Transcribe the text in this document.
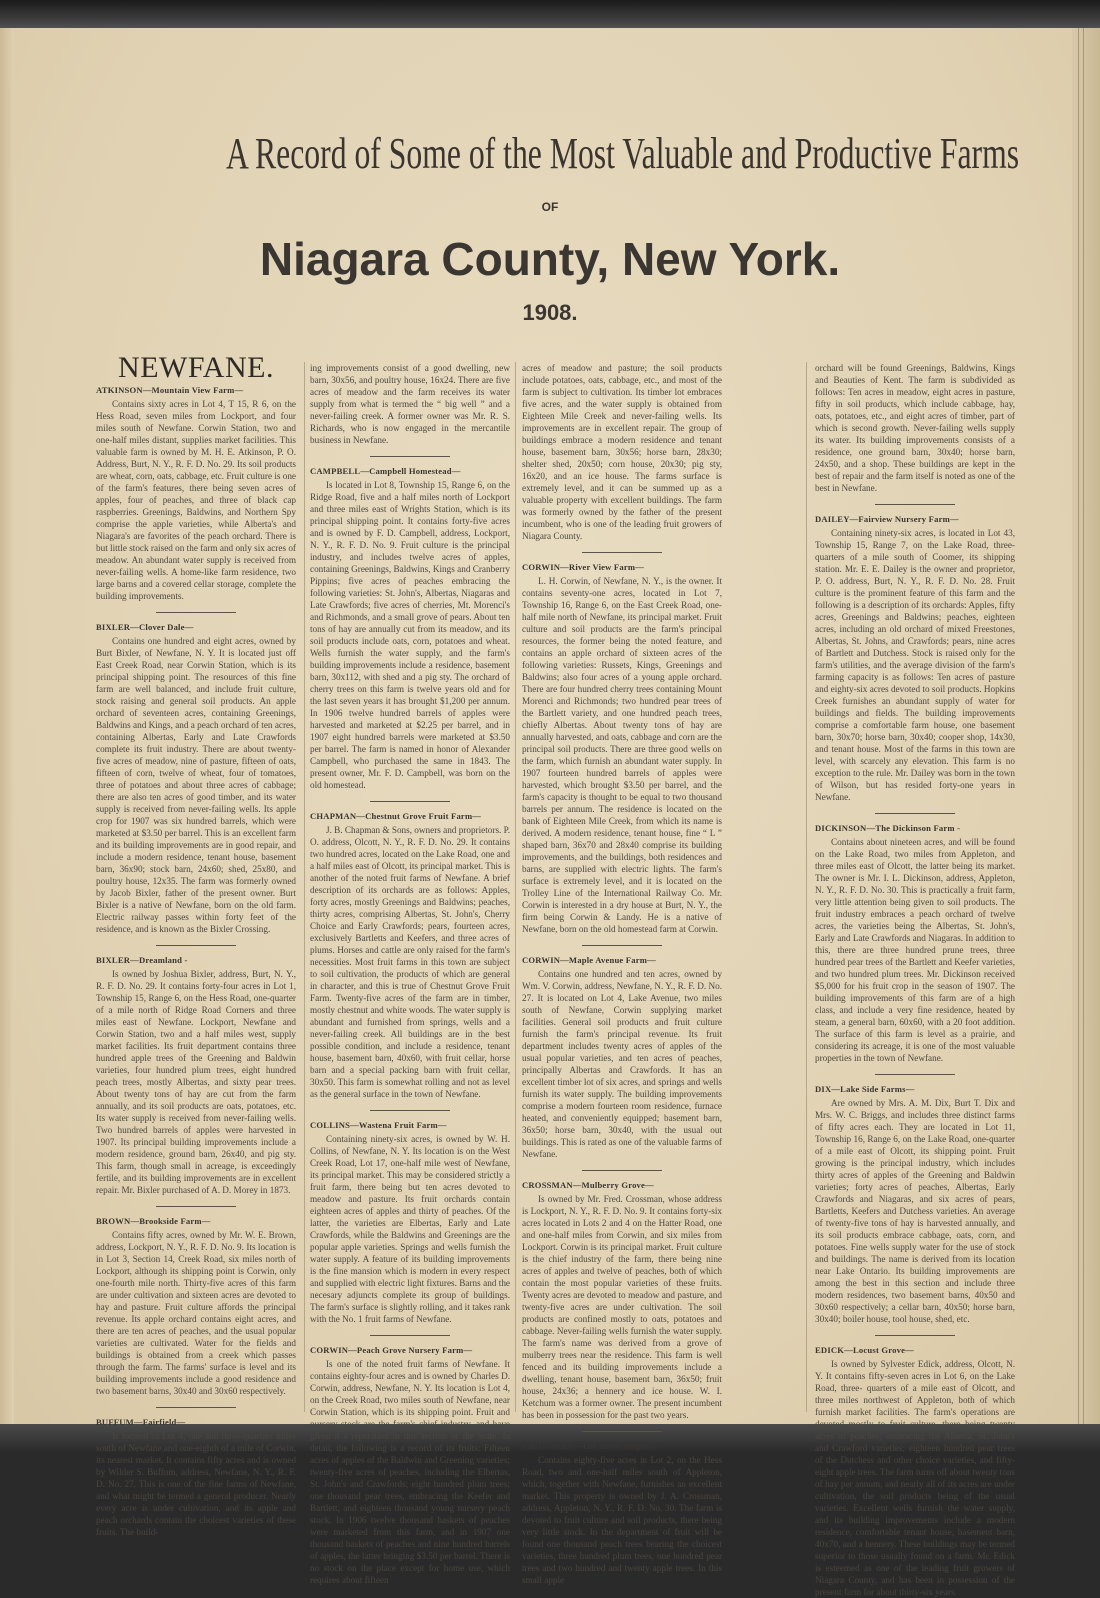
A Record of Some of the Most Valuable and Productive Farms
OF
Niagara County, New York.
1908.
NEWFANE.
ATKINSON—Mountain View Farm—

Contains sixty acres in Lot 4, T 15, R 6, on the Hess Road, seven miles from Lockport, and four miles south of Newfane. Corwin Station, two and one-half miles distant, supplies market facilities. This valuable farm is owned by M. H. E. Atkinson, P. O. Address, Burt, N. Y., R. F. D. No. 29. Its soil products are wheat, corn, oats, cabbage, etc. Fruit culture is one of the farm's features, there being seven acres of apples, four of peaches, and three of black cap raspberries. Greenings, Baldwins, and Northern Spy comprise the apple varieties, while Alberta's and Niagara's are favorites of the peach orchard. There is but little stock raised on the farm and only six acres of meadow. An abundant water supply is received from never-failing wells. A home-like farm residence, two large barns and a covered cellar storage, complete the building improvements.

BIXLER—Clover Dale—

Contains one hundred and eight acres, owned by Burt Bixler, of Newfane, N. Y. It is located just off East Creek Road, near Corwin Station, which is its principal shipping point. The resources of this fine farm are well balanced, and include fruit culture, stock raising and general soil products. An apple orchard of seventeen acres, containing Greenings, Baldwins and Kings, and a peach orchard of ten acres, containing Albertas, Early and Late Crawfords complete its fruit industry. There are about twenty-five acres of meadow, nine of pasture, fifteen of oats, fifteen of corn, twelve of wheat, four of tomatoes, three of potatoes and about three acres of cabbage; there are also ten acres of good timber, and its water supply is received from never-failing wells. Its apple crop for 1907 was six hundred barrels, which were marketed at $3.50 per barrel. This is an excellent farm and its building improvements are in good repair, and include a modern residence, tenant house, basement barn, 36x90; stock barn, 24x60; shed, 25x80, and poultry house, 12x35. The farm was formerly owned by Jacob Bixler, father of the present owner. Burt Bixler is a native of Newfane, born on the old farm. Electric railway passes within forty feet of the residence, and is known as the Bixler Crossing.

BIXLER—Dreamland -

Is owned by Joshua Bixler, address, Burt, N. Y., R. F. D. No. 29. It contains forty-four acres in Lot 1, Township 15, Range 6, on the Hess Road, one-quarter of a mile north of Ridge Road Corners and three miles east of Newfane. Lockport, Newfane and Corwin Station, two and a half miles west, supply market facilities. Its fruit department contains three hundred apple trees of the Greening and Baldwin varieties, four hundred plum trees, eight hundred peach trees, mostly Albertas, and sixty pear trees. About twenty tons of hay are cut from the farm annually, and its soil products are oats, potatoes, etc. Its water supply is received from never-failing wells. Two hundred barrels of apples were harvested in 1907. Its principal building improvements include a modern residence, ground barn, 26x40, and pig sty. This farm, though small in acreage, is exceedingly fertile, and its building improvements are in excellent repair. Mr. Bixler purchased of A. D. Morey in 1873.

BROWN—Brookside Farm—

Contains fifty acres, owned by Mr. W. E. Brown, address, Lockport, N. Y., R. F. D. No. 9. Its location is in Lot 3, Section 14, Creek Road, six miles north of Lockport, although its shipping point is Corwin, only one-fourth mile north. Thirty-five acres of this farm are under cultivation and sixteen acres are devoted to hay and pasture. Fruit culture affords the principal revenue. Its apple orchard contains eight acres, and there are ten acres of peaches, and the usual popular varieties are cultivated. Water for the fields and buildings is obtained from a creek which passes through the farm. The farms' surface is level and its building improvements include a good residence and two basement barns, 30x40 and 30x60 respectively.

BUFFUM—Fairfield—

Is located in Lot 4, one and three-quarters miles south of Newfane and one-eighth of a mile of Corwin, its nearest market. It contains fifty acres and is owned by Wilder S. Buffum, address, Newfane, N. Y., R. F. D. No. 27. This is one of the fine farms of Newfane, and what might be termed a general producer. Nearly every acre is under cultivation, and its apple and peach orchards contain the choicest varieties of these fruits. The build-

ing improvements consist of a good dwelling, new barn, 30x56, and poultry house, 16x24. There are five acres of meadow and the farm receives its water supply from what is termed the “ big well ” and a never-failing creek. A former owner was Mr. R. S. Richards, who is now engaged in the mercantile business in Newfane.

CAMPBELL—Campbell Homestead—

Is located in Lot 8, Township 15, Range 6, on the Ridge Road, five and a half miles north of Lockport and three miles east of Wrights Station, which is its principal shipping point. It contains forty-five acres and is owned by F. D. Campbell, address, Lockport, N. Y., R. F. D. No. 9. Fruit culture is the principal industry, and includes twelve acres of apples, containing Greenings, Baldwins, Kings and Cranberry Pippins; five acres of peaches embracing the following varieties: St. John's, Albertas, Niagaras and Late Crawfords; five acres of cherries, Mt. Morenci's and Richmonds, and a small grove of pears. About ten tons of hay are annually cut from its meadow, and its soil products include oats, corn, potatoes and wheat. Wells furnish the water supply, and the farm's building improvements include a residence, basement barn, 30x112, with shed and a pig sty. The orchard of cherry trees on this farm is twelve years old and for the last seven years it has brought $1,200 per annum. In 1906 twelve hundred barrels of apples were harvested and marketed at $2.25 per barrel, and in 1907 eight hundred barrels were marketed at $3.50 per barrel. The farm is named in honor of Alexander Campbell, who purchased the same in 1843. The present owner, Mr. F. D. Campbell, was born on the old homestead.

CHAPMAN—Chestnut Grove Fruit Farm—

J. B. Chapman & Sons, owners and proprietors. P. O. address, Olcott, N. Y., R. F. D. No. 29. It contains two hundred acres, located on the Lake Road, one and a half miles east of Olcott, its principal market. This is another of the noted fruit farms of Newfane. A brief description of its orchards are as follows: Apples, forty acres, mostly Greenings and Baldwins; peaches, thirty acres, comprising Albertas, St. John's, Cherry Choice and Early Crawfords; pears, fourteen acres, exclusively Bartletts and Keefers, and three acres of plums. Horses and cattle are only raised for the farm's necessities. Most fruit farms in this town are subject to soil cultivation, the products of which are general in character, and this is true of Chestnut Grove Fruit Farm. Twenty-five acres of the farm are in timber, mostly chestnut and white woods. The water supply is abundant and furnished from springs, wells and a never-failing creek. All buildings are in the best possible condition, and include a residence, tenant house, basement barn, 40x60, with fruit cellar, horse barn and a special packing barn with fruit cellar, 30x50. This farm is somewhat rolling and not as level as the general surface in the town of Newfane.

COLLINS—Wastena Fruit Farm—

Containing ninety-six acres, is owned by W. H. Collins, of Newfane, N. Y. Its location is on the West Creek Road, Lot 17, one-half mile west of Newfane, its principal market. This may be considered strictly a fruit farm, there being but ten acres devoted to meadow and pasture. Its fruit orchards contain eighteen acres of apples and thirty of peaches. Of the latter, the varieties are Elbertas, Early and Late Crawfords, while the Baldwins and Greenings are the popular apple varieties. Springs and wells furnish the water supply. A feature of its building improvements is the fine mansion which is modern in every respect and supplied with electric light fixtures. Barns and the necesary adjuncts complete its group of buildings. The farm's surface is slightly rolling, and it takes rank with the No. 1 fruit farms of Newfane.

CORWIN—Peach Grove Nursery Farm—

Is one of the noted fruit farms of Newfane. It contains eighty-four acres and is owned by Charles D. Corwin, address, Newfane, N. Y. Its location is Lot 4, on the Creek Road, two miles south of Newfane, near Corwin Station, which is its shipping point. Fruit and nursery stock are the farm's chief industry, and have given it a reputation in this section of the State. In detail, the following is a record of its fruits: Fifteen acres of apples of the Baldwin and Greening varieties; twenty-five acres of peaches, including the Elbertas, St. John's and Crawfords; eight hundred plum trees; one thousand pear trees, embracing the Keefer and Bartlett, and eighteen thousand young nursery peach stock. In 1906 twelve thousand baskets of peaches were marketed from this farm, and in 1907 one thousand baskets of peaches and nine hundred barrels of apples, the latter bringing $3.50 per barrel. There is no stock on the place except for home use, which requires about fifteen

acres of meadow and pasture; the soil products include potatoes, oats, cabbage, etc., and most of the farm is subject to cultivation. Its timber lot embraces five acres, and the water supply is obtained from Eighteen Mile Creek and never-failing wells. Its improvements are in excellent repair. The group of buildings embrace a modern residence and tenant house, basement barn, 30x56; horse barn, 28x30; shelter shed, 20x50; corn house, 20x30; pig sty, 16x20, and an ice house. The farms surface is extremely level, and it can be summed up as a valuable property with excellent buildings. The farm was formerly owned by the father of the present incumbent, who is one of the leading fruit growers of Niagara County.

CORWIN—River View Farm—

L. H. Corwin, of Newfane, N. Y., is the owner. It contains seventy-one acres, located in Lot 7, Township 16, Range 6, on the East Creek Road, one-half mile north of Newfane, its principal market. Fruit culture and soil products are the farm's principal resources, the former being the noted feature, and contains an apple orchard of sixteen acres of the following varieties: Russets, Kings, Greenings and Baldwins; also four acres of a young apple orchard. There are four hundred cherry trees containing Mount Morenci and Richmonds; two hundred pear trees of the Bartlett variety, and one hundred peach trees, chiefly Albertas. About twenty tons of hay are annually harvested, and oats, cabbage and corn are the principal soil products. There are three good wells on the farm, which furnish an abundant water supply. In 1907 fourteen hundred barrels of apples were harvested, which brought $3.50 per barrel, and the farm's capacity is thought to be equal to two thousand barrels per annum. The residence is located on the bank of Eighteen Mile Creek, from which its name is derived. A modern residence, tenant house, fine “ L ” shaped barn, 36x70 and 28x40 comprise its building improvements, and the buildings, both residences and barns, are supplied with electric lights. The farm's surface is extremely level, and it is located on the Trolley Line of the International Railway Co. Mr. Corwin is interested in a dry house at Burt, N. Y., the firm being Corwin & Landy. He is a native of Newfane, born on the old homestead farm at Corwin.

CORWIN—Maple Avenue Farm—

Contains one hundred and ten acres, owned by Wm. V. Corwin, address, Newfane, N. Y., R. F. D. No. 27. It is located on Lot 4, Lake Avenue, two miles south of Newfane, Corwin supplying market facilities. General soil products and fruit culture furnish the farm's principal revenue. Its fruit department includes twenty acres of apples of the usual popular varieties, and ten acres of peaches, principally Albertas and Crawfords. It has an excellent timber lot of six acres, and springs and wells furnish its water supply. The building improvements comprise a modern fourteen room residence, furnace heated, and conveniently equipped; basement barn, 36x50; horse barn, 30x40, with the usual out buildings. This is rated as one of the valuable farms of Newfane.

CROSSMAN—Mulberry Grove—

Is owned by Mr. Fred. Crossman, whose address is Lockport, N. Y., R. F. D. No. 9. It contains forty-six acres located in Lots 2 and 4 on the Hatter Road, one and one-half miles from Corwin, and six miles from Lockport. Corwin is its principal market. Fruit culture is the chief industry of the farm, there being nine acres of apples and twelve of peaches, both of which contain the most popular varieties of these fruits. Twenty acres are devoted to meadow and pasture, and twenty-five acres are under cultivation. The soil products are confined mostly to oats, potatoes and cabbage. Never-failing wells furnish the water supply. The farm's name was derived from a grove of mulberry trees near the residence. This farm is well fenced and its building improvements include a dwelling, tenant house, basement barn, 36x50; fruit house, 24x36; a hennery and ice house. W. I. Ketchum was a former owner. The present incumbent has been in possession for the past two years.

CROSSMAN—The Silver Maples—

Contains eighty-five acres in Lot 2, on the Hess Road, two and one-half miles south of Appleton, which, together with Newfane, furnishes an excellent market. This property is owned by J. A. Crossman, address, Appleton, N. Y., R. F. D. No. 30. The farm is devoted to fruit culture and soil products, there being very little stock. In the department of fruit will be found one thousand peach trees bearing the choicest varieties, three hundred plum trees, one hundred pear trees and two hundred and twenty apple trees. In this small apple

orchard will be found Greenings, Baldwins, Kings and Beauties of Kent. The farm is subdivided as follows: Ten acres in meadow, eight acres in pasture, fifty in soil products, which include cabbage, hay, oats, potatoes, etc., and eight acres of timber, part of which is second growth. Never-failing wells supply its water. Its building improvements consists of a residence, one ground barn, 30x40; horse barn, 24x50, and a shop. These buildings are kept in the best of repair and the farm itself is noted as one of the best in Newfane.

DAILEY—Fairview Nursery Farm—

Containing ninety-six acres, is located in Lot 43, Township 15, Range 7, on the Lake Road, three-quarters of a mile south of Coomer, its shipping station. Mr. E. E. Dailey is the owner and proprietor, P. O. address, Burt, N. Y., R. F. D. No. 28. Fruit culture is the prominent feature of this farm and the following is a description of its orchards: Apples, fifty acres, Greenings and Baldwins; peaches, eighteen acres, including an old orchard of mixed Freestones, Albertas, St. Johns, and Crawfords; pears, nine acres of Bartlett and Dutchess. Stock is raised only for the farm's utilities, and the average division of the farm's farming capacity is as follows: Ten acres of pasture and eighty-six acres devoted to soil products. Hopkins Creek furnishes an abundant supply of water for buildings and fields. The building improvements comprise a comfortable farm house, one basement barn, 30x70; horse barn, 30x40; cooper shop, 14x30, and tenant house. Most of the farms in this town are level, with scarcely any elevation. This farm is no exception to the rule. Mr. Dailey was born in the town of Wilson, but has resided forty-one years in Newfane.

DICKINSON—The Dickinson Farm -

Contains about nineteen acres, and will be found on the Lake Road, two miles from Appleton, and three miles east of Olcott, the latter being its market. The owner is Mr. I. L. Dickinson, address, Appleton, N. Y., R. F. D. No. 30. This is practically a fruit farm, very little attention being given to soil products. The fruit industry embraces a peach orchard of twelve acres, the varieties being the Albertas, St. John's, Early and Late Crawfords and Niagaras. In addition to this, there are three hundred prune trees, three hundred pear trees of the Bartlett and Keefer varieties, and two hundred plum trees. Mr. Dickinson received $5,000 for his fruit crop in the season of 1907. The building improvements of this farm are of a high class, and include a very fine residence, heated by steam, a general barn, 60x60, with a 20 foot addition. The surface of this farm is level as a prairie, and considering its acreage, it is one of the most valuable properties in the town of Newfane.

DIX—Lake Side Farms—

Are owned by Mrs. A. M. Dix, Burt T. Dix and Mrs. W. C. Briggs, and includes three distinct farms of fifty acres each. They are located in Lot 11, Township 16, Range 6, on the Lake Road, one-quarter of a mile east of Olcott, its shipping point. Fruit growing is the principal industry, which includes thirty acres of apples of the Greening and Baldwin varieties; forty acres of peaches, Albertas, Early Crawfords and Niagaras, and six acres of pears, Bartletts, Keefers and Dutchess varieties. An average of twenty-five tons of hay is harvested annually, and its soil products embrace cabbage, oats, corn, and potatoes. Fine wells supply water for the use of stock and buildings. The name is derived from its location near Lake Ontario. Its building improvements are among the best in this section and include three modern residences, two basement barns, 40x50 and 30x60 respectively; a cellar barn, 40x50; horse barn, 30x40; boiler house, tool house, shed, etc.

EDICK—Locust Grove—

Is owned by Sylvester Edick, address, Olcott, N. Y. It contains fifty-seven acres in Lot 6, on the Lake Road, three- quarters of a mile east of Olcott, and three miles northwest of Appleton, both of which furnish market facilities. The farm's operations are devoted mostly to fruit culture, there being twenty acres of peaches, embracing the Alberta, St. John's and Crawford varieties; eighteen hundred pear trees of the Dutchess and other choice varieties, and fifty-eight apple trees. The farm turns off about twenty tons of hay per annum, and nearly all of its acres are under cultivation, the soil products being of the usual varieties. Excellent wells furnish the water supply, and its building improvements include a modern residence, comfortable tenant house, basement barn, 40x70, and a hennery. These buildings may be termed superior to those usually found on a farm. Mr. Edick is esteemed as one of the leading fruit growers of Niagara County, and has been in possession of the present farm for about thirty-six years.
